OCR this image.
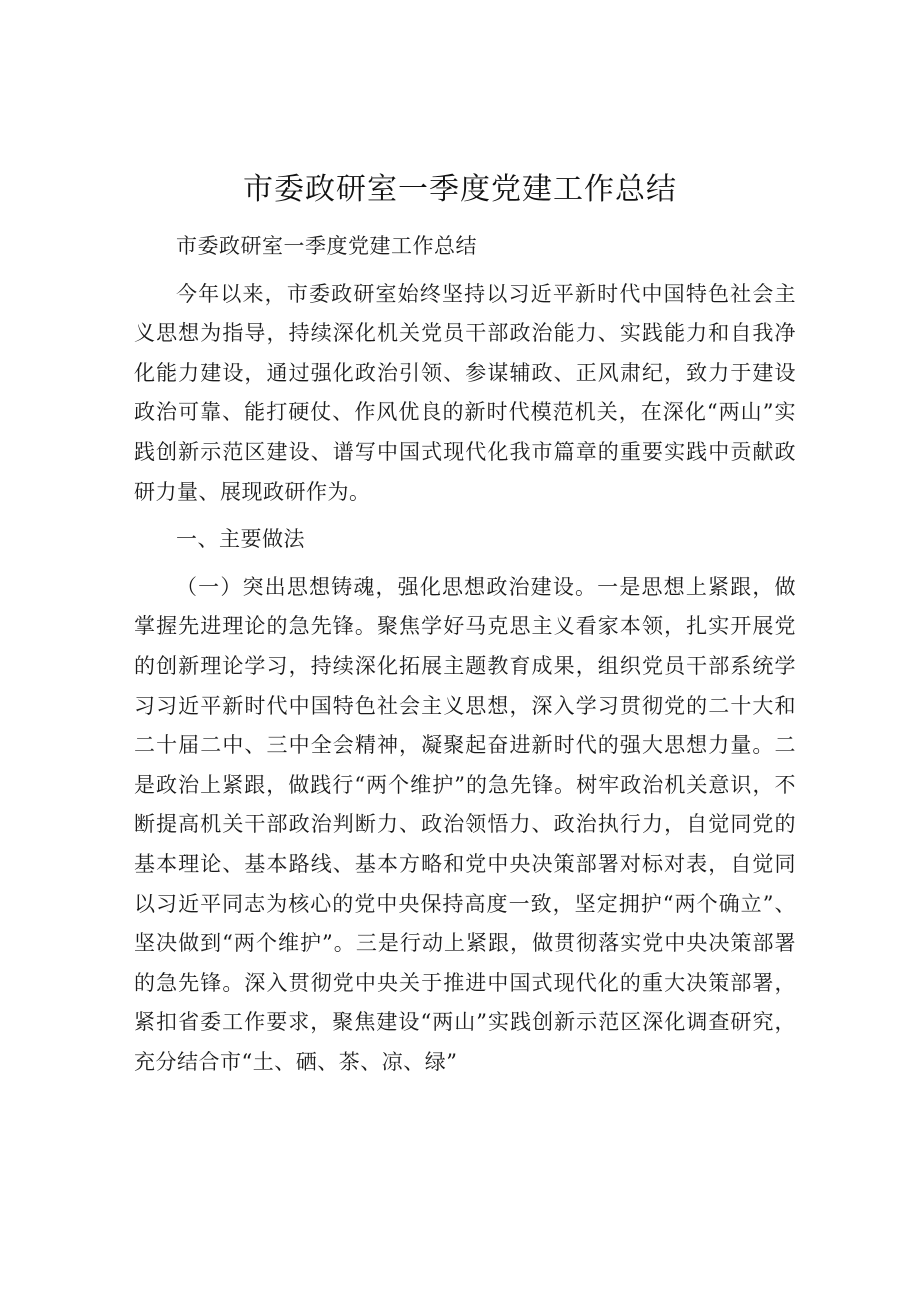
市委政研室一季度党建工作总结

市委政研室一季度党建工作总结

今年以来，市委政研室始终坚持以习近平新时代中国特色社会主义思想为指导，持续深化机关党员干部政治能力、实践能力和自我净化能力建设，通过强化政治引领、参谋辅政、正风肃纪，致力于建设政治可靠、能打硬仗、作风优良的新时代模范机关，在深化“两山”实践创新示范区建设、谱写中国式现代化我市篇章的重要实践中贡献政研力量、展现政研作为。

一、主要做法

（一）突出思想铸魂，强化思想政治建设。一是思想上紧跟，做掌握先进理论的急先锋。聚焦学好马克思主义看家本领，扎实开展党的创新理论学习，持续深化拓展主题教育成果，组织党员干部系统学习习近平新时代中国特色社会主义思想，深入学习贯彻党的二十大和二十届二中、三中全会精神，凝聚起奋进新时代的强大思想力量。二是政治上紧跟，做践行“两个维护”的急先锋。树牢政治机关意识，不断提高机关干部政治判断力、政治领悟力、政治执行力，自觉同党的基本理论、基本路线、基本方略和党中央决策部署对标对表，自觉同以习近平同志为核心的党中央保持高度一致，坚定拥护“两个确立”、坚决做到“两个维护”。三是行动上紧跟，做贯彻落实党中央决策部署的急先锋。深入贯彻党中央关于推进中国式现代化的重大决策部署，紧扣省委工作要求，聚焦建设“两山”实践创新示范区深化调查研究，充分结合市“土、硒、茶、凉、绿”
